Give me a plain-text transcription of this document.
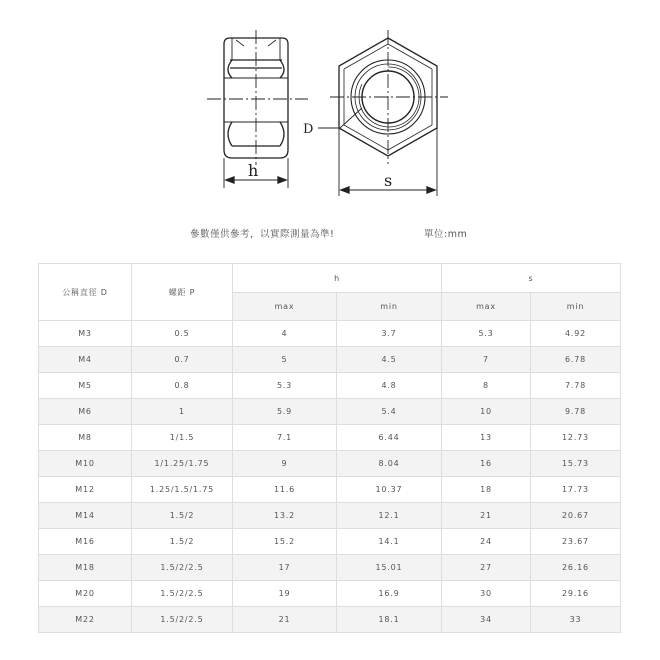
h
s
D
參數僅供參考，以實際測量為準!	單位:mm
公稱直徑 D	螺距 P	h		s	
		max	min	max	min
M3	0.5	4	3.7	5.3	4.92
M4	0.7	5	4.5	7	6.78
M5	0.8	5.3	4.8	8	7.78
M6	1	5.9	5.4	10	9.78
M8	1/1.5	7.1	6.44	13	12.73
M10	1/1.25/1.75	9	8.04	16	15.73
M12	1.25/1.5/1.75	11.6	10.37	18	17.73
M14	1.5/2	13.2	12.1	21	20.67
M16	1.5/2	15.2	14.1	24	23.67
M18	1.5/2/2.5	17	15.01	27	26.16
M20	1.5/2/2.5	19	16.9	30	29.16
M22	1.5/2/2.5	21	18.1	34	33
